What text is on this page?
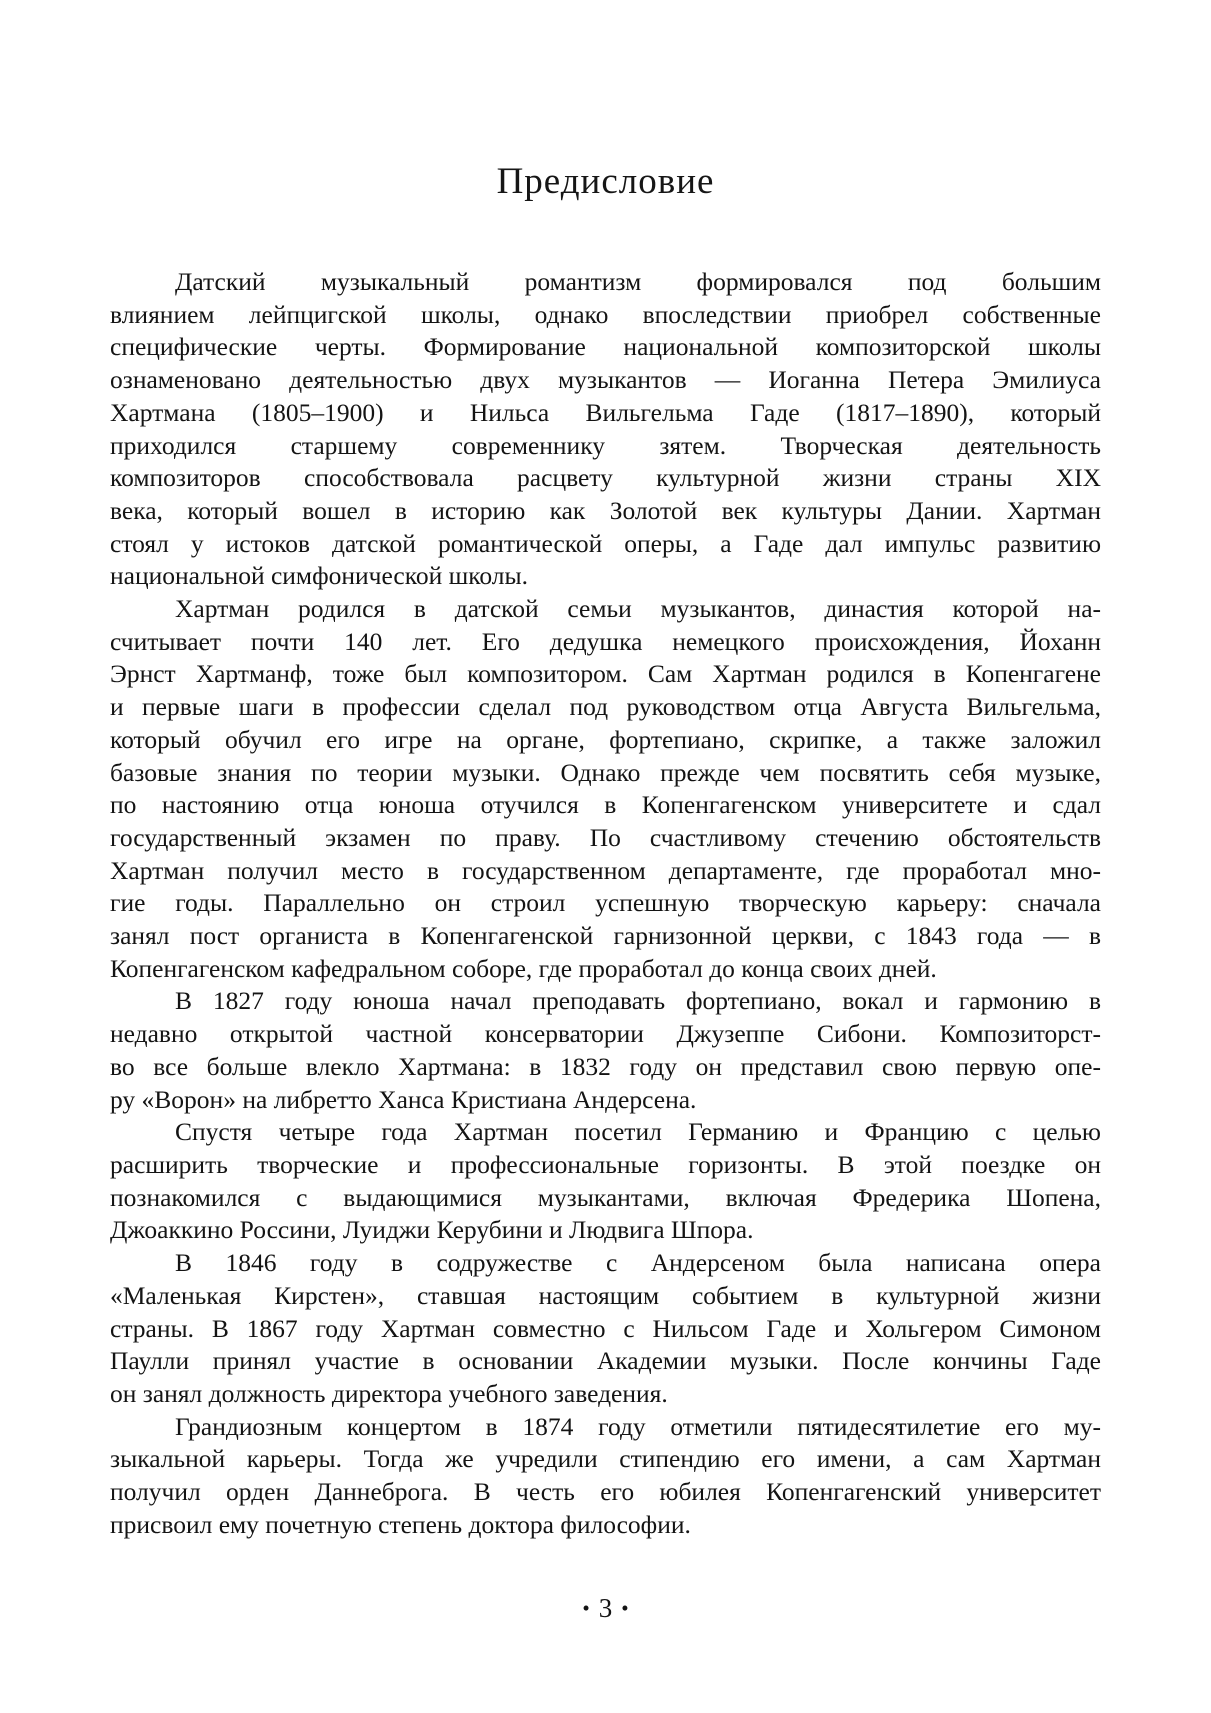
Предисловие

Датский музыкальный романтизм формировался под большим
влиянием лейпцигской школы, однако впоследствии приобрел собственные
специфические черты. Формирование национальной композиторской школы
ознаменовано деятельностью двух музыкантов — Иоганна Петера Эмилиуса
Хартмана (1805–1900) и Нильса Вильгельма Гаде (1817–1890), который
приходился старшему современнику зятем. Творческая деятельность
композиторов способствовала расцвету культурной жизни страны XIX
века, который вошел в историю как Золотой век культуры Дании. Хартман
стоял у истоков датской романтической оперы, а Гаде дал импульс развитию
национальной симфонической школы.

Хартман родился в датской семьи музыкантов, династия которой на-
считывает почти 140 лет. Его дедушка немецкого происхождения, Йоханн
Эрнст Хартманф, тоже был композитором. Сам Хартман родился в Копенгагене
и первые шаги в профессии сделал под руководством отца Августа Вильгельма,
который обучил его игре на органе, фортепиано, скрипке, а также заложил
базовые знания по теории музыки. Однако прежде чем посвятить себя музыке,
по настоянию отца юноша отучился в Копенгагенском университете и сдал
государственный экзамен по праву. По счастливому стечению обстоятельств
Хартман получил место в государственном департаменте, где проработал мно-
гие годы. Параллельно он строил успешную творческую карьеру: сначала
занял пост органиста в Копенгагенской гарнизонной церкви, с 1843 года — в
Копенгагенском кафедральном соборе, где проработал до конца своих дней.

В 1827 году юноша начал преподавать фортепиано, вокал и гармонию в
недавно открытой частной консерватории Джузеппе Сибони. Композиторст-
во все больше влекло Хартмана: в 1832 году он представил свою первую опе-
ру «Ворон» на либретто Ханса Кристиана Андерсена.

Спустя четыре года Хартман посетил Германию и Францию с целью
расширить творческие и профессиональные горизонты. В этой поездке он
познакомился с выдающимися музыкантами, включая Фредерика Шопена,
Джоаккино Россини, Луиджи Керубини и Людвига Шпора.

В 1846 году в содружестве с Андерсеном была написана опера
«Маленькая Кирстен», ставшая настоящим событием в культурной жизни
страны. В 1867 году Хартман совместно с Нильсом Гаде и Хольгером Симоном
Паулли принял участие в основании Академии музыки. После кончины Гаде
он занял должность директора учебного заведения.

Грандиозным концертом в 1874 году отметили пятидесятилетие его му-
зыкальной карьеры. Тогда же учредили стипендию его имени, а сам Хартман
получил орден Даннеброга. В честь его юбилея Копенгагенский университет
присвоил ему почетную степень доктора философии.

• 3 •
